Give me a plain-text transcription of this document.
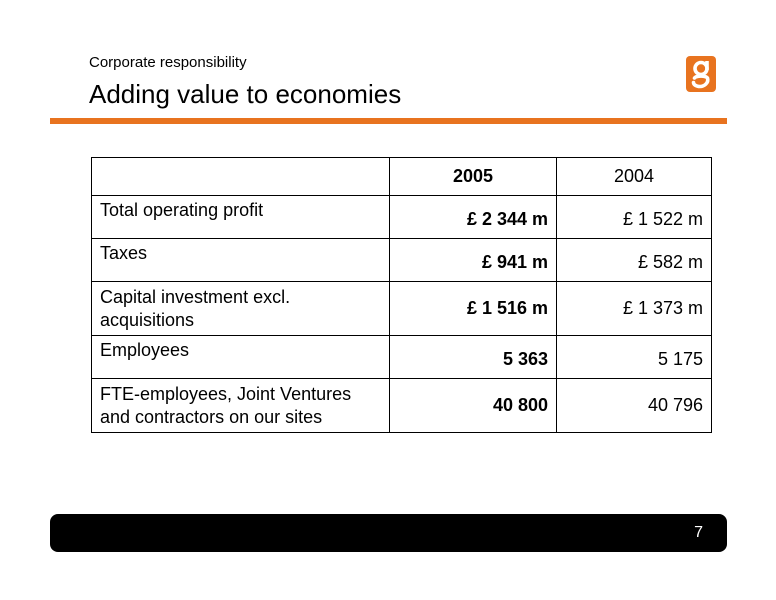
Corporate responsibility
Adding value to economies
	2005	2004
Total operating profit	£ 2 344 m	£ 1 522 m
Taxes	£ 941 m	£ 582 m
Capital investment excl. acquisitions	£ 1 516 m	£ 1 373 m
Employees	5 363	5 175
FTE-employees, Joint Ventures and contractors on our sites	40 800	40 796
7
